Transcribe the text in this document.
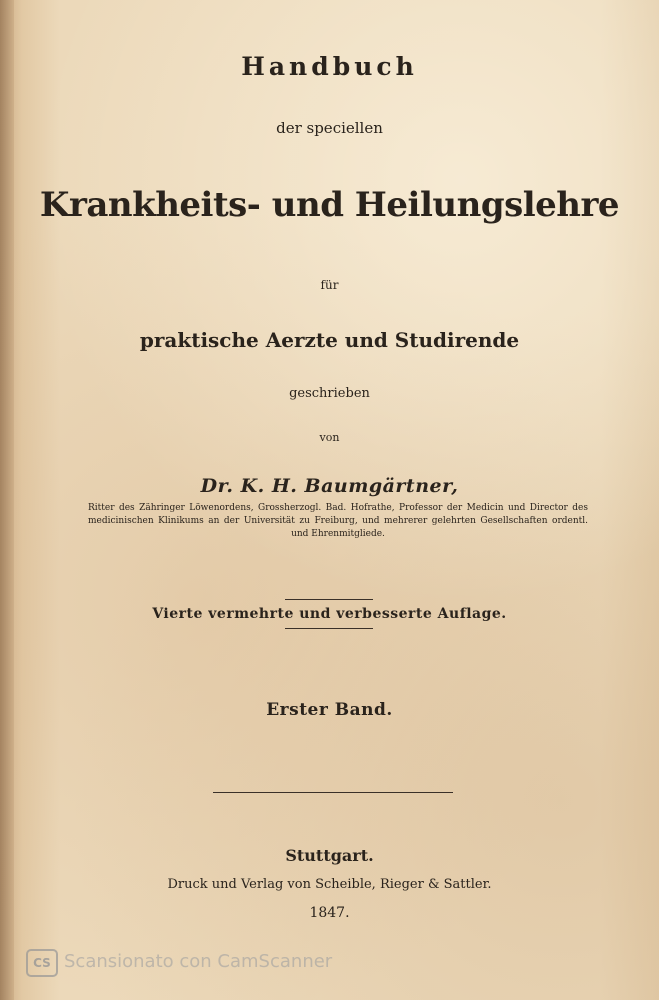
Handbuch
der speciellen
Krankheits- und Heilungslehre
für
praktische Aerzte und Studirende
geschrieben
von
Dr. K. H. Baumgärtner,
Ritter des Zähringer Löwenordens, Grossherzogl. Bad. Hofrathe, Professor der Medicin und Director des medicinischen Klinikums an der Universität zu Freiburg, und mehrerer gelehrten Gesellschaften ordentl. und Ehrenmitgliede.
Vierte vermehrte und verbesserte Auflage.
Erster Band.
Stuttgart.
Druck und Verlag von Scheible, Rieger & Sattler.
1847.
CS Scansionato con CamScanner
